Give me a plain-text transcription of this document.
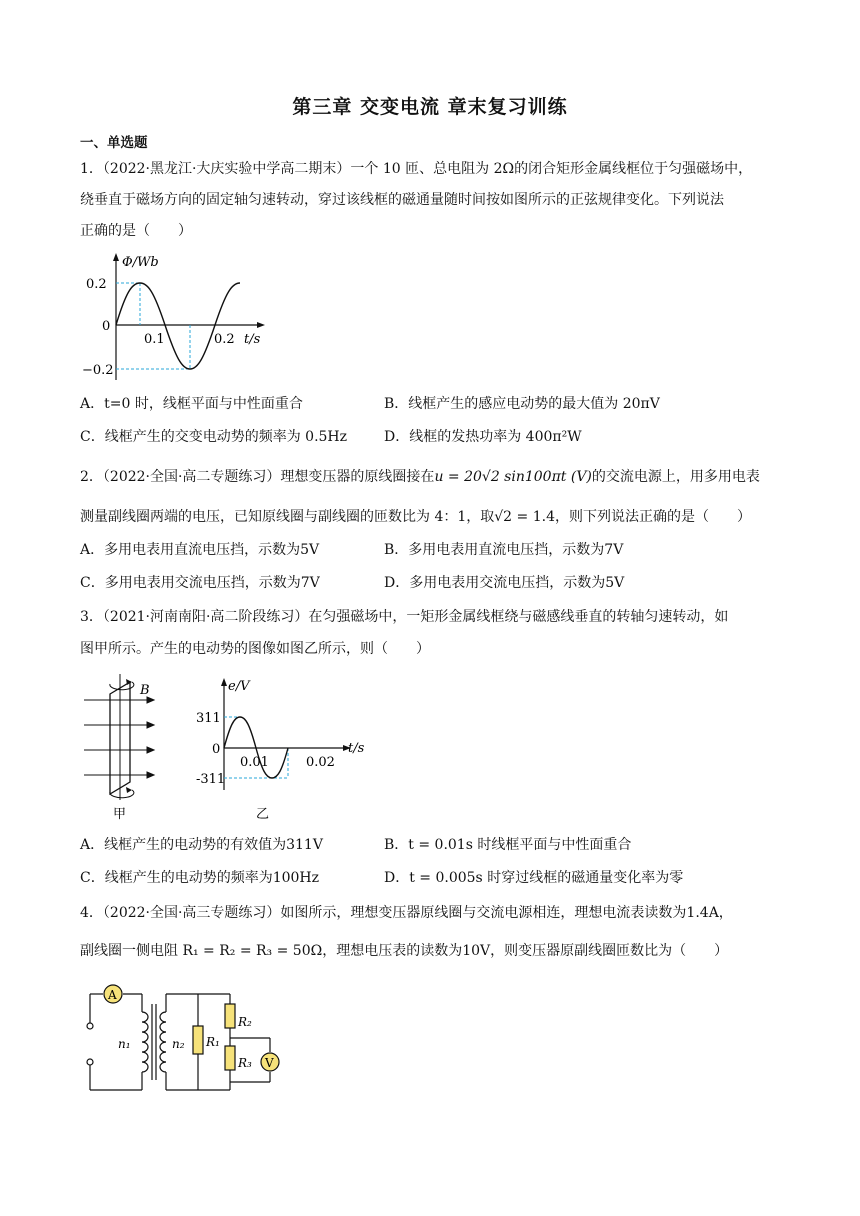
第三章 交变电流 章末复习训练
一、单选题
1．（2022·黑龙江·大庆实验中学高二期末）一个 10 匝、总电阻为 2Ω的闭合矩形金属线框位于匀强磁场中，
绕垂直于磁场方向的固定轴匀速转动，穿过该线框的磁通量随时间按如图所示的正弦规律变化。下列说法
正确的是（　　）
Φ/Wb
0.2
0
−0.2
0.1	0.2 t/s
A．t=0 时，线框平面与中性面重合	B．线框产生的感应电动势的最大值为 20πV
C．线框产生的交变电动势的频率为 0.5Hz	D．线框的发热功率为 400π²W
2．（2022·全国·高二专题练习）理想变压器的原线圈接在u = 20√2 sin100πt (V)的交流电源上，用多用电表
测量副线圈两端的电压，已知原线圈与副线圈的匝数比为 4：1，取√2 = 1.4，则下列说法正确的是（　　）
A．多用电表用直流电压挡，示数为5V	B．多用电表用直流电压挡，示数为7V
C．多用电表用交流电压挡，示数为7V	D．多用电表用交流电压挡，示数为5V
3．（2021·河南南阳·高二阶段练习）在匀强磁场中，一矩形金属线框绕与磁感线垂直的转轴匀速转动，如
图甲所示。产生的电动势的图像如图乙所示，则（　　）
B
甲
e/V
311
0
-311
0.01	0.02
t/s
乙
A．线框产生的电动势的有效值为311V	B．t = 0.01s 时线框平面与中性面重合
C．线框产生的电动势的频率为100Hz	D．t = 0.005s 时穿过线框的磁通量变化率为零
4．（2022·全国·高三专题练习）如图所示，理想变压器原线圈与交流电源相连，理想电流表读数为1.4A，
副线圈一侧电阻 R₁ = R₂ = R₃ = 50Ω，理想电压表的读数为10V，则变压器原副线圈匝数比为（　　）
A
V
n₁	n₂ R₁
R₂
R₃
